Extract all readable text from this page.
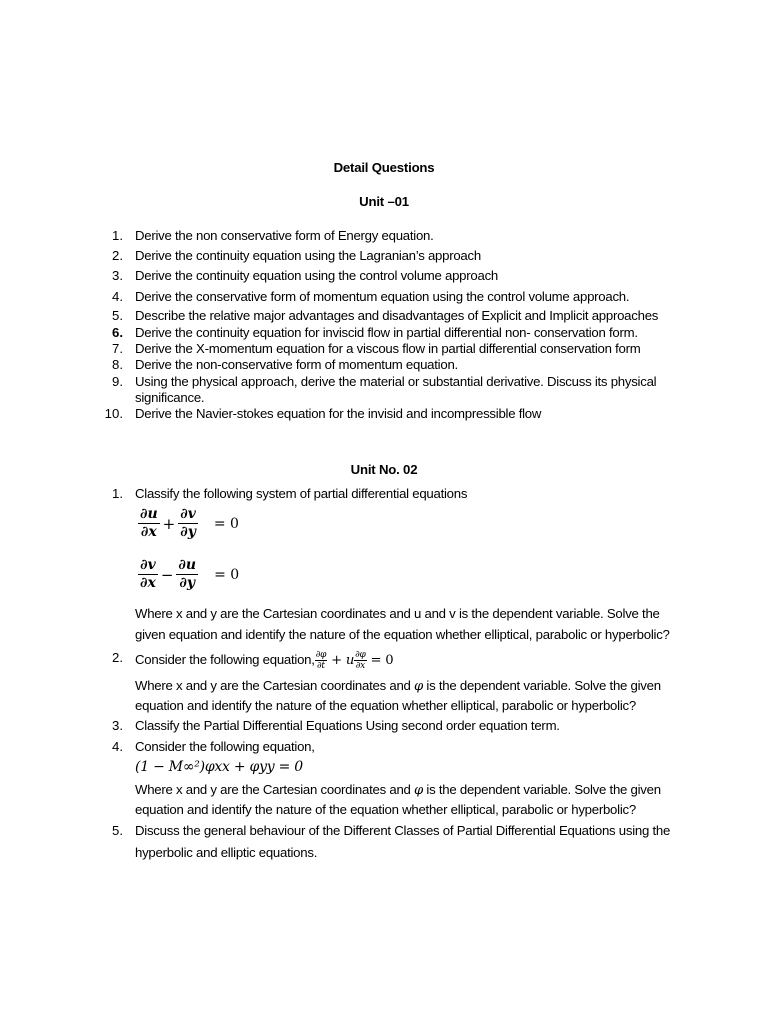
Detail Questions
Unit –01
1. Derive the non conservative form of Energy equation.
2. Derive the continuity equation using the Lagranian’s approach
3. Derive the continuity equation using the control volume approach
4. Derive the conservative form of momentum equation using the control volume approach.
5. Describe the relative major advantages and disadvantages of Explicit and Implicit approaches
6. Derive the continuity equation for inviscid flow in partial differential non- conservation form.
7. Derive the X-momentum equation for a viscous flow in partial differential conservation form
8. Derive the non-conservative form of momentum equation.
9. Using the physical approach, derive the material or substantial derivative. Discuss its physical
significance.
10. Derive the Navier-stokes equation for the invisid and incompressible flow
Unit No. 02
1. Classify the following system of partial differential equations
$\frac{\partial u}{\partial x} + \frac{\partial v}{\partial y} = 0$
$\frac{\partial v}{\partial x} - \frac{\partial u}{\partial y} = 0$
Where x and y are the Cartesian coordinates and u and v is the dependent variable. Solve the
given equation and identify the nature of the equation whether elliptical, parabolic or hyperbolic?
2. Consider the following equation, $\frac{\partial\varphi}{\partial t} + u \frac{\partial\varphi}{\partial x} = 0$
Where x and y are the Cartesian coordinates and φ is the dependent variable. Solve the given
equation and identify the nature of the equation whether elliptical, parabolic or hyperbolic?
3. Classify the Partial Differential Equations Using second order equation term.
4. Consider the following equation,
(1 − M∞²)φxx + φyy = 0
Where x and y are the Cartesian coordinates and φ is the dependent variable. Solve the given
equation and identify the nature of the equation whether elliptical, parabolic or hyperbolic?
5. Discuss the general behaviour of the Different Classes of Partial Differential Equations using the
hyperbolic and elliptic equations.
